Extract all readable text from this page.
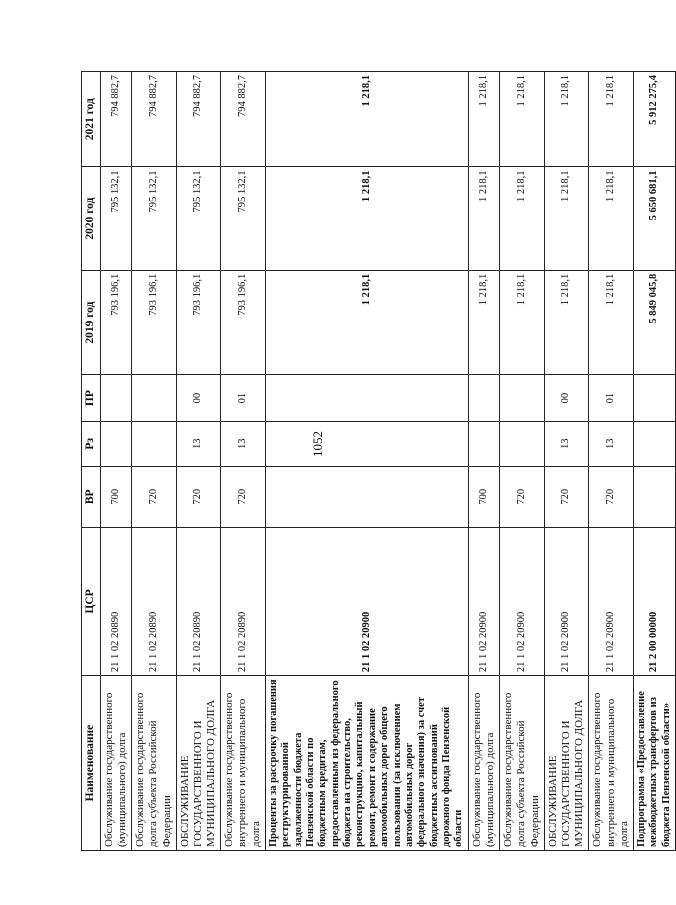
1052
Наименование	ЦСР	ВР	Рз	ПР	2019 год	2020 год	2021 год
Обслуживание государственного (муниципального) долга	21 1 02 20890	700			793 196,1	795 132,1	794 882,7
Обслуживание государственного долга субъекта Российской Федерации	21 1 02 20890	720			793 196,1	795 132,1	794 882,7
ОБСЛУЖИВАНИЕ ГОСУДАРСТВЕННОГО И МУНИЦИПАЛЬНОГО ДОЛГА	21 1 02 20890	720	13	00	793 196,1	795 132,1	794 882,7
Обслуживание государственного внутреннего и муниципального долга	21 1 02 20890	720	13	01	793 196,1	795 132,1	794 882,7
Проценты за рассрочку погашения реструктурированной задолженности бюджета Пензенской области по бюджетным кредитам, предоставленным из федерального бюджета на строительство, реконструкцию, капитальный ремонт, ремонт и содержание автомобильных дорог общего пользования (за исключением автомобильных дорог федерального значения) за счет бюджетных ассигнований дорожного фонда Пензенской области	21 1 02 20900				1 218,1	1 218,1	1 218,1
Обслуживание государственного (муниципального) долга	21 1 02 20900	700			1 218,1	1 218,1	1 218,1
Обслуживание государственного долга субъекта Российской Федерации	21 1 02 20900	720			1 218,1	1 218,1	1 218,1
ОБСЛУЖИВАНИЕ ГОСУДАРСТВЕННОГО И МУНИЦИПАЛЬНОГО ДОЛГА	21 1 02 20900	720	13	00	1 218,1	1 218,1	1 218,1
Обслуживание государственного внутреннего и муниципального долга	21 1 02 20900	720	13	01	1 218,1	1 218,1	1 218,1
Подпрограмма «Предоставление межбюджетных трансфертов из бюджета Пензенской области»	21 2 00 00000				5 849 045,8	5 650 681,1	5 912 275,4
